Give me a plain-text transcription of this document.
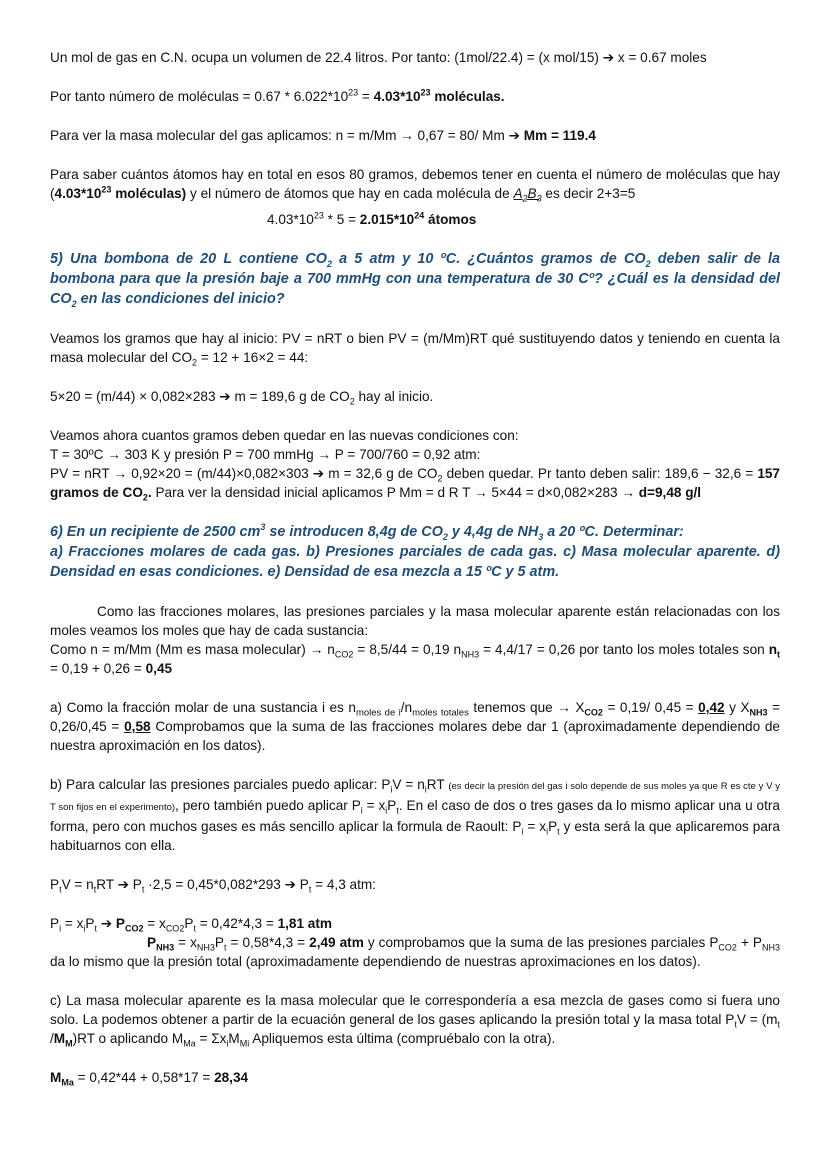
Un mol de gas en C.N. ocupa un volumen de 22.4 litros. Por tanto: (1mol/22.4) = (x mol/15) ➔ x = 0.67 moles

Por tanto número de moléculas = $0.67 * 6.022*10^{23} = 4.03*10^{23}$ moléculas.

Para ver la masa molecular del gas aplicamos: n = m/Mm → 0,67 = 80/ Mm ➔ Mm = 119.4

Para saber cuántos átomos hay en total en esos 80 gramos, debemos tener en cuenta el número de moléculas que hay ($4.03*10^{23}$ moléculas) y el número de átomos que hay en cada molécula de $A_2B_3$ es decir 2+3=5

$4.03*10^{23} * 5 = 2.015*10^{24}$ átomos

5) Una bombona de 20 L contiene $CO_2$ a 5 atm y 10 ºC. ¿Cuántos gramos de $CO_2$ deben salir de la bombona para que la presión baje a 700 mmHg con una temperatura de 30 Cº? ¿Cuál es la densidad del $CO_2$ en las condiciones del inicio?

Veamos los gramos que hay al inicio: PV = nRT o bien PV = (m/Mm)RT qué sustituyendo datos y teniendo en cuenta la masa molecular del $CO_2 = 12 + 16\times 2 = 44$:

5×20 = (m/44) × 0,082×283 ➔ m = 189,6 g de $CO_2$ hay al inicio.

Veamos ahora cuantos gramos deben quedar en las nuevas condiciones con:

T = 30ºC → 303 K y presión P = 700 mmHg → P = 700/760 = 0,92 atm:

PV = nRT → 0,92×20 = (m/44)×0,082×303 ➔ m = 32,6 g de $CO_2$ deben quedar. Pr tanto deben salir: 189,6 − 32,6 = 157 gramos de $CO_2$. Para ver la densidad inicial aplicamos P Mm = d R T → 5×44 = d×0,082×283 → d=9,48 g/l

6) En un recipiente de 2500 $cm^3$ se introducen 8,4g de $CO_2$ y 4,4g de $NH_3$ a 20 ºC. Determinar:
a) Fracciones molares de cada gas. b) Presiones parciales de cada gas. c) Masa molecular aparente. d) Densidad en esas condiciones. e) Densidad de esa mezcla a 15 ºC y 5 atm.

Como las fracciones molares, las presiones parciales y la masa molecular aparente están relacionadas con los moles veamos los moles que hay de cada sustancia:

Como n = m/Mm (Mm es masa molecular) → $n_{CO2} = 8,5/44 = 0,19$ $n_{NH3} = 4,4/17 = 0,26$ por tanto los moles totales son $n_t = 0,19 + 0,26 = 0,45$

a) Como la fracción molar de una sustancia i es $n_{moles de i}/n_{moles totales}$ tenemos que → $X_{CO2} = 0,19/$ 0,45 = 0,42 y $X_{NH3} = 0,26/0,45 = 0,58$ Comprobamos que la suma de las fracciones molares debe dar 1 (aproximadamente dependiendo de nuestra aproximación en los datos).

b) Para calcular las presiones parciales puedo aplicar: $P_iV = n_iRT$ (es decir la presión del gas i solo depende de sus moles ya que R es cte y V y T son fijos en el experimento), pero también puedo aplicar $P_i = x_iP_t$. En el caso de dos o tres gases da lo mismo aplicar una u otra forma, pero con muchos gases es más sencillo aplicar la formula de Raoult: $P_i = x_iP_t$ y esta será la que aplicaremos para habituarnos con ella.

$P_tV = n_tRT$ ➔ $P_t \cdot 2,5 = 0,45*0,082*293$ ➔ $P_t = 4,3$ atm:

$P_i = x_iP_t$ ➔ $P_{CO2} = x_{CO2}P_t = 0,42*4,3 = 1,81$ atm

$P_{NH3} = x_{NH3}P_t = 0,58*4,3 = 2,49$ atm y comprobamos que la suma de las presiones parciales $P_{CO2} + P_{NH3}$ da lo mismo que la presión total (aproximadamente dependiendo de nuestras aproximaciones en los datos).

c) La masa molecular aparente es la masa molecular que le correspondería a esa mezcla de gases como si fuera uno solo. La podemos obtener a partir de la ecuación general de los gases aplicando la presión total y la masa total $P_tV = (m_t$ $/M_M)RT$ o aplicando $M_{Ma} = \Sigma x_iM_{Mi}$ Apliquemos esta última (compruébalo con la otra).

$M_{Ma} = 0,42*44 + 0,58*17 = 28,34$
